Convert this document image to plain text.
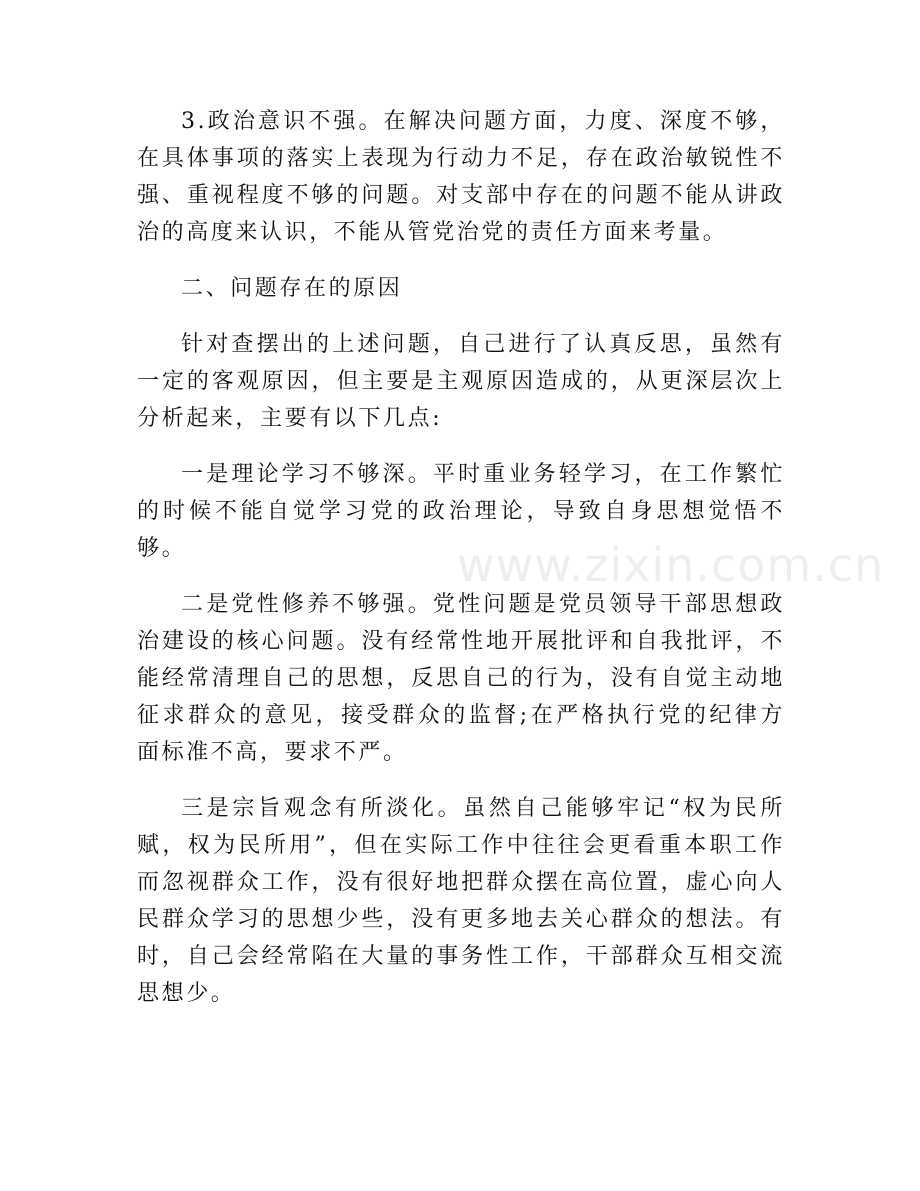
3.政治意识不强。在解决问题方面，力度、深度不够，在具体事项的落实上表现为行动力不足，存在政治敏锐性不强、重视程度不够的问题。对支部中存在的问题不能从讲政治的高度来认识，不能从管党治党的责任方面来考量。

二、问题存在的原因

针对查摆出的上述问题，自己进行了认真反思，虽然有一定的客观原因，但主要是主观原因造成的，从更深层次上分析起来，主要有以下几点:

一是理论学习不够深。平时重业务轻学习，在工作繁忙的时候不能自觉学习党的政治理论，导致自身思想觉悟不够。

二是党性修养不够强。党性问题是党员领导干部思想政治建设的核心问题。没有经常性地开展批评和自我批评，不能经常清理自己的思想，反思自己的行为，没有自觉主动地征求群众的意见，接受群众的监督;在严格执行党的纪律方面标准不高，要求不严。

三是宗旨观念有所淡化。虽然自己能够牢记“权为民所赋，权为民所用”，但在实际工作中往往会更看重本职工作而忽视群众工作，没有很好地把群众摆在高位置，虚心向人民群众学习的思想少些，没有更多地去关心群众的想法。有时，自己会经常陷在大量的事务性工作，干部群众互相交流思想少。

www.zixin.com.cn
